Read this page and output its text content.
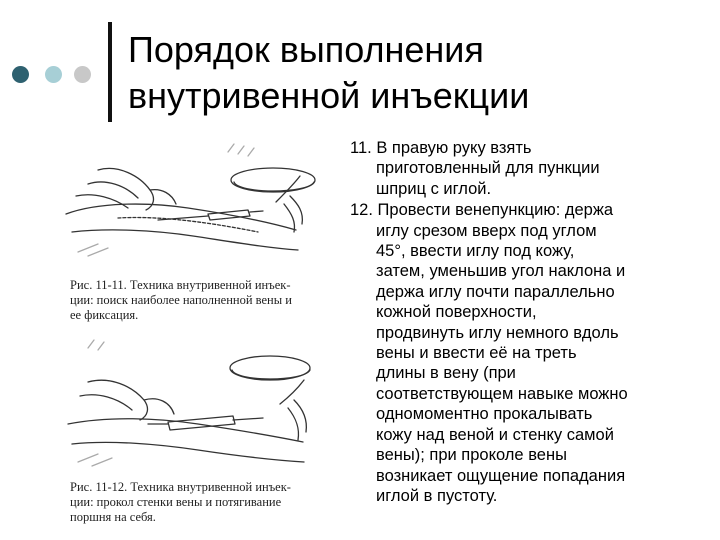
Порядок выполнения
внутривенной инъекции
Рис. 11-11. Техника внутривенной инъек-
ции: поиск наиболее наполненной вены и
ее фиксация.
Рис. 11-12. Техника внутривенной инъек-
ции: прокол стенки вены и потягивание
поршня на себя.
11. В правую руку взять
приготовленный для пункции
шприц с иглой.
12. Провести венепункцию: держа
иглу срезом вверх под углом
45°, ввести иглу под кожу,
затем, уменьшив угол наклона и
держа иглу почти параллельно
кожной поверхности,
продвинуть иглу немного вдоль
вены и ввести её на треть
длины в вену (при
соответствующем навыке можно
одномоментно прокалывать
кожу над веной и стенку самой
вены); при проколе вены
возникает ощущение попадания
иглой в пустоту.
